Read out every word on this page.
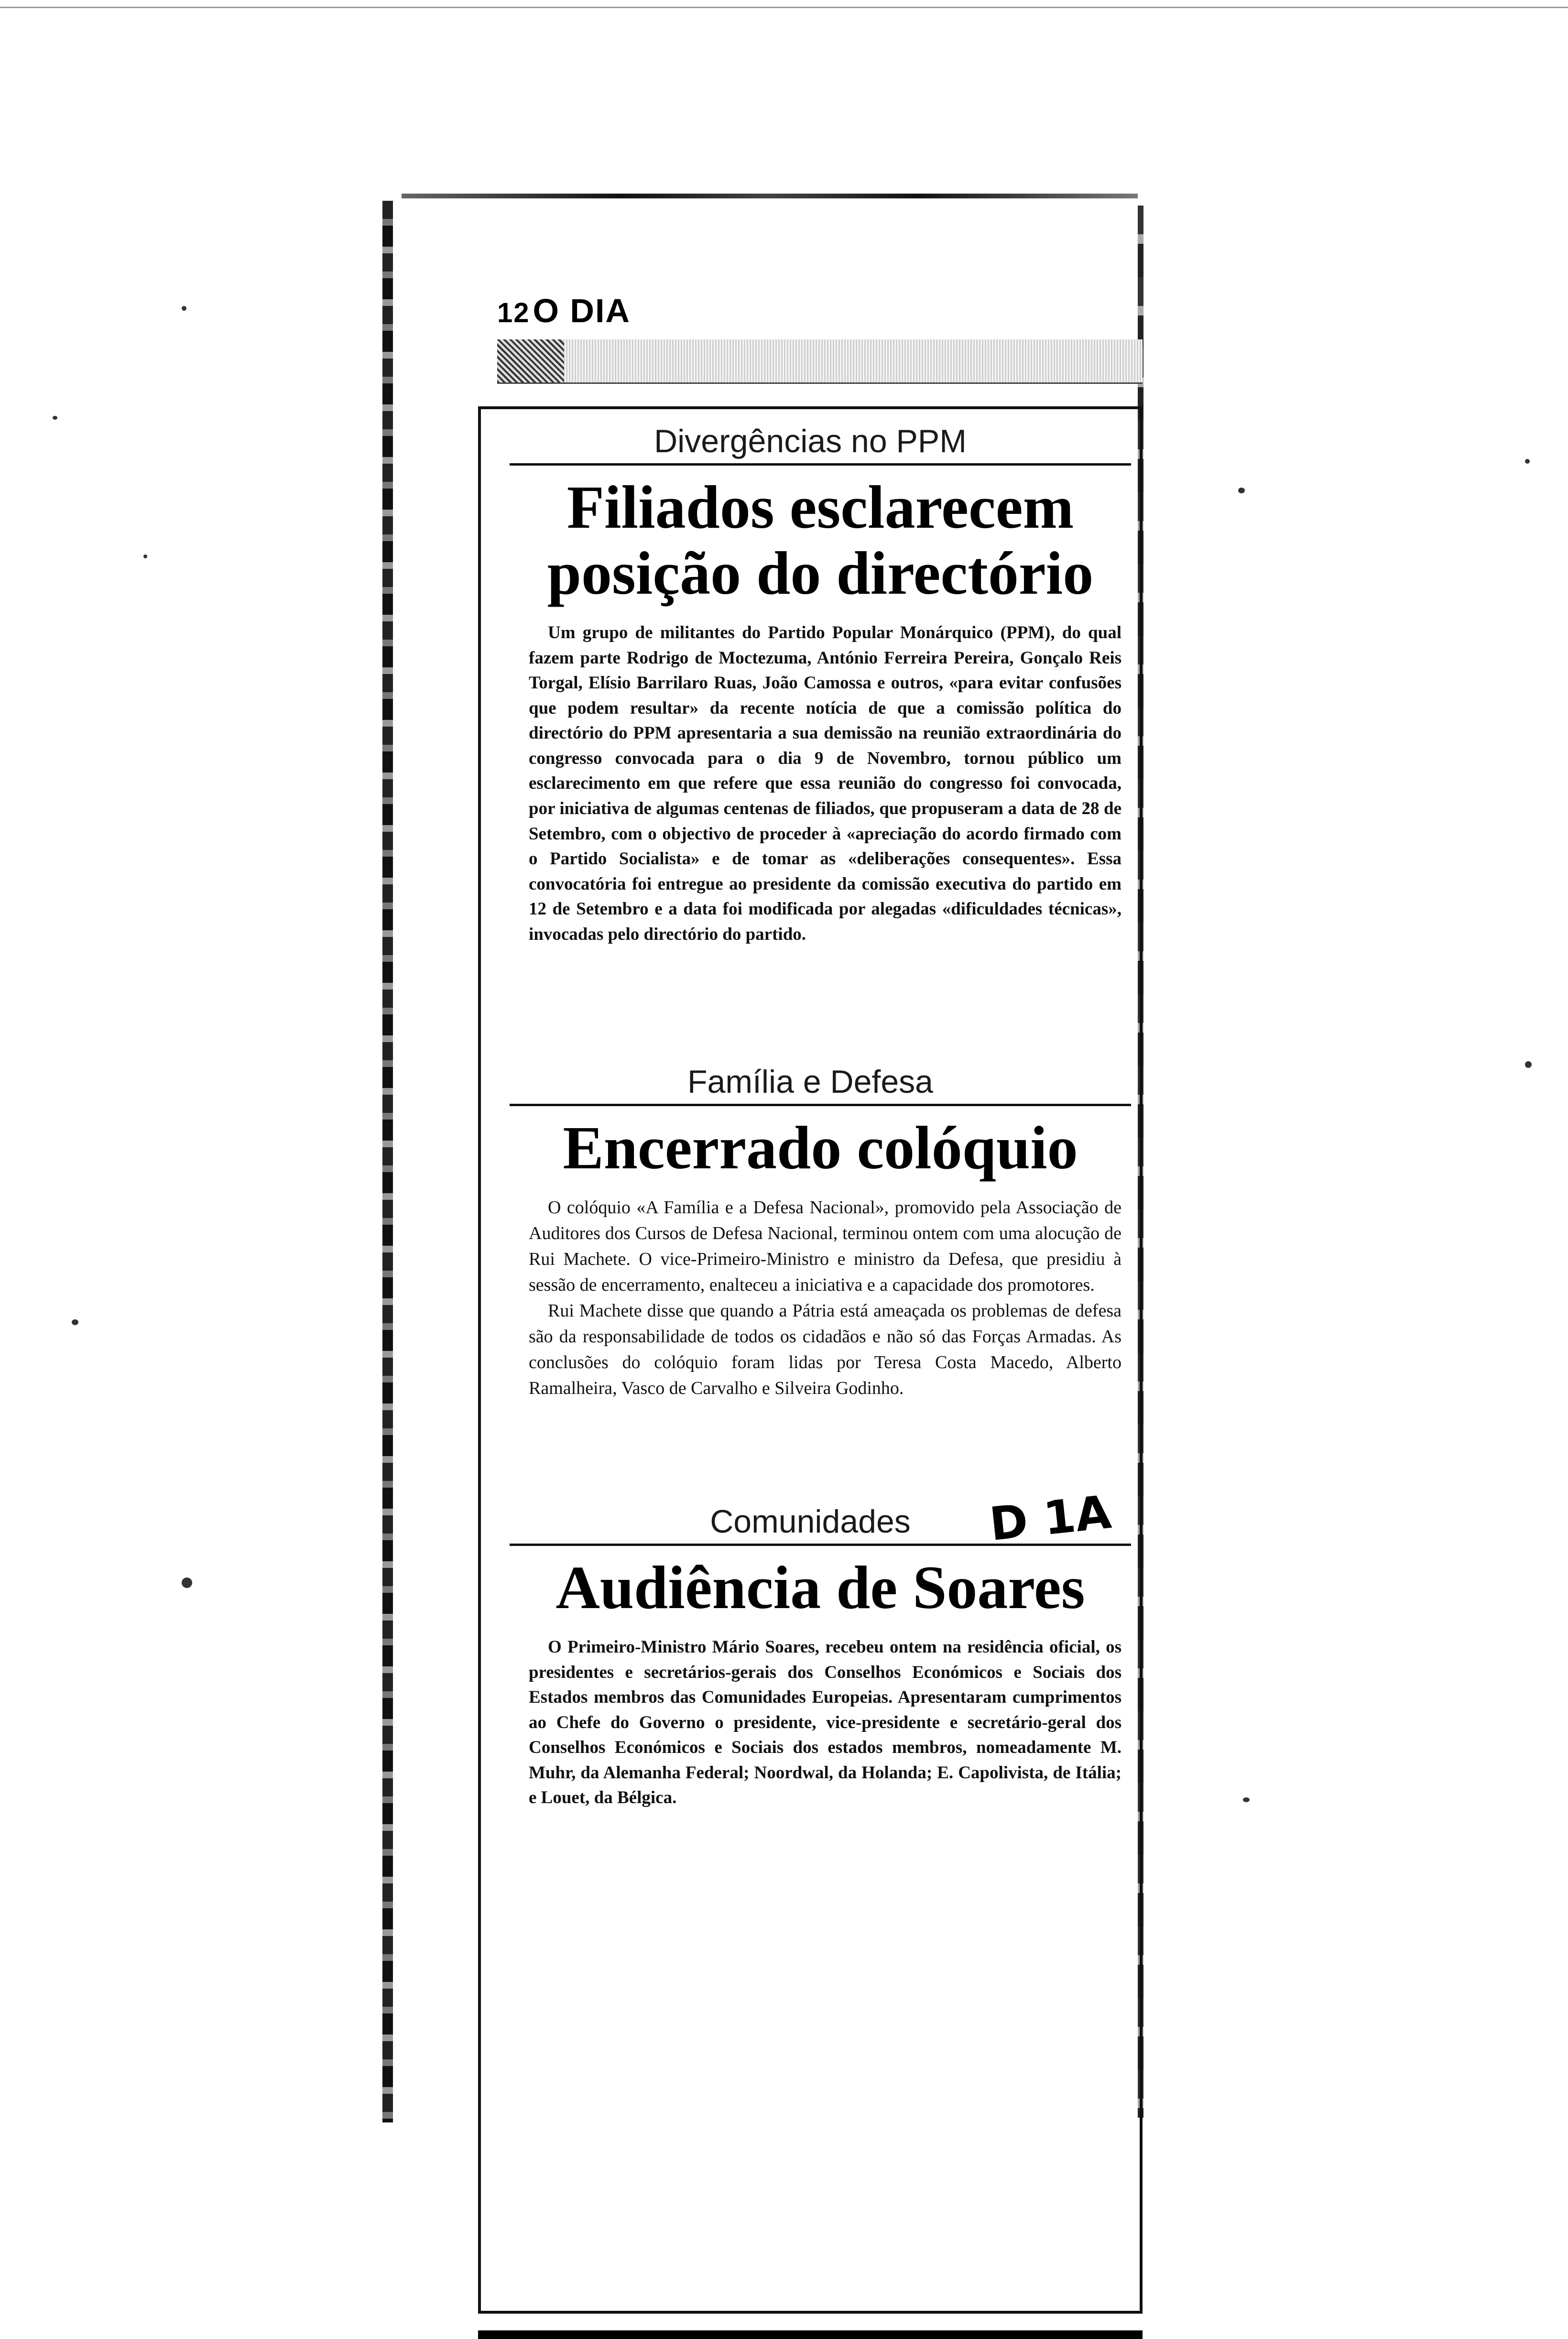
12O DIA
Divergências no PPM
Filiados esclarecem
posição do directório

Um grupo de militantes do Partido Popular Monárquico (PPM), do qual fazem parte Rodrigo de Moctezuma, António Ferreira Pereira, Gonçalo Reis Torgal, Elísio Barrilaro Ruas, João Camossa e outros, «para evitar confusões que podem resultar» da recente notícia de que a comissão política do directório do PPM apresentaria a sua demissão na reunião extraordinária do congresso convocada para o dia 9 de Novembro, tornou público um esclarecimento em que refere que essa reunião do congresso foi convocada, por iniciativa de algumas centenas de filiados, que propuseram a data de 28 de Setembro, com o objectivo de proceder à «apreciação do acordo firmado com o Partido Socialista» e de tomar as «deliberações consequentes». Essa convocatória foi entregue ao presidente da comissão executiva do partido em 12 de Setembro e a data foi modificada por alegadas «dificuldades técnicas», invocadas pelo directório do partido.

Família e Defesa
Encerrado colóquio

O colóquio «A Família e a Defesa Nacional», promovido pela Associação de Auditores dos Cursos de Defesa Nacional, terminou ontem com uma alocução de Rui Machete. O vice-Primeiro-Ministro e ministro da Defesa, que presidiu à sessão de encerramento, enalteceu a iniciativa e a capacidade dos promotores.

Rui Machete disse que quando a Pátria está ameaçada os problemas de defesa são da responsabilidade de todos os cidadãos e não só das Forças Armadas. As conclusões do colóquio foram lidas por Teresa Costa Macedo, Alberto Ramalheira, Vasco de Carvalho e Silveira Godinho.

Comunidades
Audiência de Soares

O Primeiro-Ministro Mário Soares, recebeu ontem na residência oficial, os presidentes e secretários-gerais dos Conselhos Económicos e Sociais dos Estados membros das Comunidades Europeias. Apresentaram cumprimentos ao Chefe do Governo o presidente, vice-presidente e secretário-geral dos Conselhos Económicos e Sociais dos estados membros, nomeadamente M. Muhr, da Alemanha Federal; Noordwal, da Holanda; E. Capolivista, de Itália; e Louet, da Bélgica.

D 1A
